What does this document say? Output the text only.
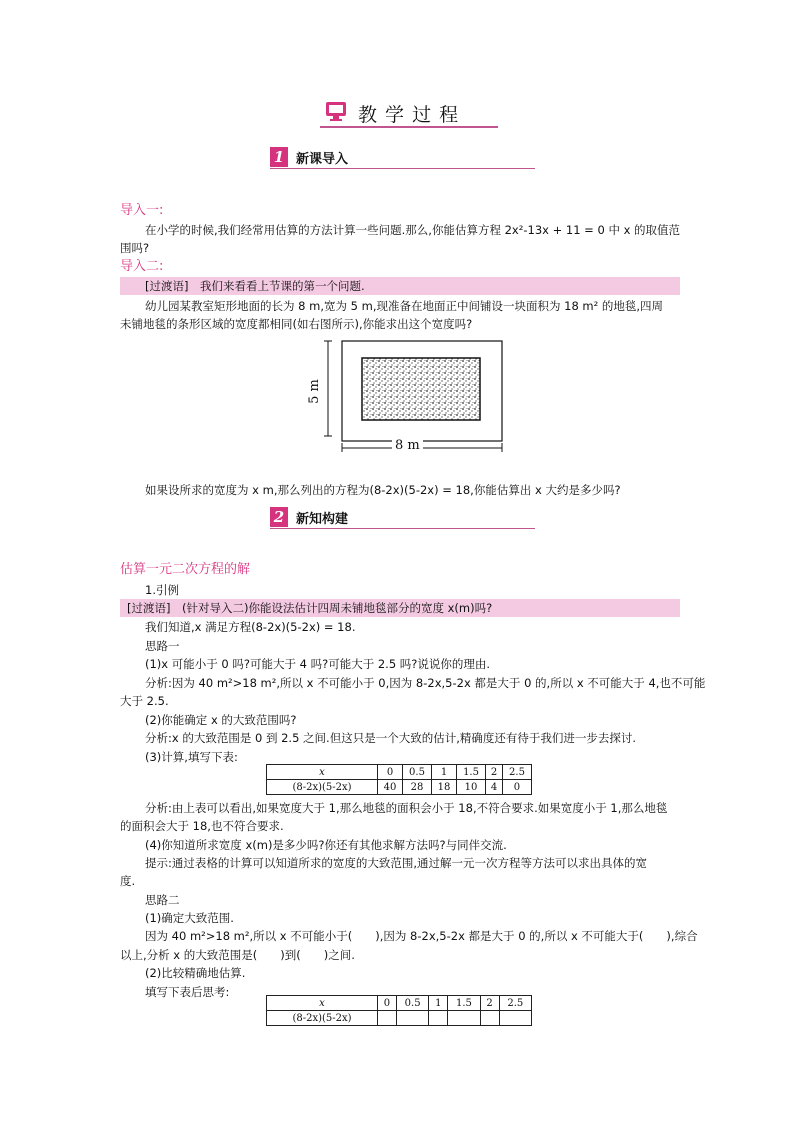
教 学 过 程
1 新课导入
导入一:
在小学的时候,我们经常用估算的方法计算一些问题.那么,你能估算方程 2x²-13x + 11 = 0 中 x 的取值范
围吗?
导入二:
[过渡语]　我们来看看上节课的第一个问题.
幼儿园某教室矩形地面的长为 8 m,宽为 5 m,现准备在地面正中间铺设一块面积为 18 m² 的地毯,四周
未铺地毯的条形区域的宽度都相同(如右图所示),你能求出这个宽度吗?
8 m
5 m
如果设所求的宽度为 x m,那么列出的方程为(8-2x)(5-2x) = 18,你能估算出 x 大约是多少吗?
2 新知构建
估算一元二次方程的解
1.引例
[过渡语]　(针对导入二)你能设法估计四周未铺地毯部分的宽度 x(m)吗?
我们知道,x 满足方程(8-2x)(5-2x) = 18.
思路一
(1)x 可能小于 0 吗?可能大于 4 吗?可能大于 2.5 吗?说说你的理由.
分析:因为 40 m²>18 m²,所以 x 不可能小于 0,因为 8-2x,5-2x 都是大于 0 的,所以 x 不可能大于 4,也不可能
大于 2.5.
(2)你能确定 x 的大致范围吗?
分析:x 的大致范围是 0 到 2.5 之间.但这只是一个大致的估计,精确度还有待于我们进一步去探讨.
(3)计算,填写下表:
x	0	0.5	1	1.5	2	2.5
(8-2x)(5-2x)	40	28	18	10	4	0
分析:由上表可以看出,如果宽度大于 1,那么地毯的面积会小于 18,不符合要求.如果宽度小于 1,那么地毯
的面积会大于 18,也不符合要求.
(4)你知道所求宽度 x(m)是多少吗?你还有其他求解方法吗?与同伴交流.
提示:通过表格的计算可以知道所求的宽度的大致范围,通过解一元一次方程等方法可以求出具体的宽
度.
思路二
(1)确定大致范围.
因为 40 m²>18 m²,所以 x 不可能小于(　　),因为 8-2x,5-2x 都是大于 0 的,所以 x 不可能大于(　　),综合
以上,分析 x 的大致范围是(　　)到(　　)之间.
(2)比较精确地估算.
填写下表后思考:
x	0	0.5	1	1.5	2	2.5
(8-2x)(5-2x)						
